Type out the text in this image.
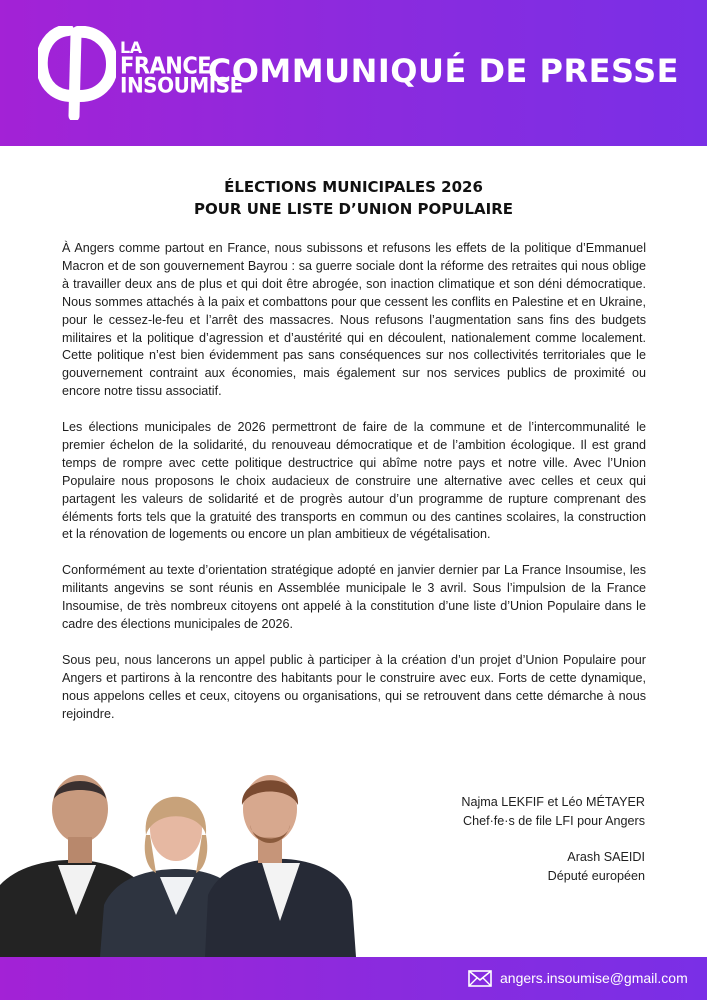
LA
FRANCE
INSOUMISE
COMMUNIQUÉ DE PRESSE
ÉLECTIONS MUNICIPALES 2026
POUR UNE LISTE D’UNION POPULAIRE

À Angers comme partout en France, nous subissons et refusons les effets de la politique d’Emmanuel Macron et de son gouvernement Bayrou : sa guerre sociale dont la réforme des retraites qui nous oblige à travailler deux ans de plus et qui doit être abrogée, son inaction climatique et son déni démocratique. Nous sommes attachés à la paix et combattons pour que cessent les conflits en Palestine et en Ukraine, pour le cessez-le-feu et l’arrêt des massacres. Nous refusons l’augmentation sans fins des budgets militaires et la politique d’agression et d’austérité qui en découlent, nationalement comme localement. Cette politique n’est bien évidemment pas sans conséquences sur nos collectivités territoriales que le gouvernement contraint aux économies, mais également sur nos services publics de proximité ou encore notre tissu associatif.

Les élections municipales de 2026 permettront de faire de la commune et de l’intercommunalité le premier échelon de la solidarité, du renouveau démocratique et de l’ambition écologique. Il est grand temps de rompre avec cette politique destructrice qui abîme notre pays et notre ville. Avec l’Union Populaire nous proposons le choix audacieux de construire une alternative avec celles et ceux qui partagent les valeurs de solidarité et de progrès autour d’un programme de rupture comprenant des éléments forts tels que la gratuité des transports en commun ou des cantines scolaires, la construction et la rénovation de logements ou encore un plan ambitieux de végétalisation.

Conformément au texte d’orientation stratégique adopté en janvier dernier par La France Insoumise, les militants angevins se sont réunis en Assemblée municipale le 3 avril. Sous l’impulsion de la France Insoumise, de très nombreux citoyens ont appelé à la constitution d’une liste d’Union Populaire dans le cadre des élections municipales de 2026.

Sous peu, nous lancerons un appel public à participer à la création d’un projet d’Union Populaire pour Angers et partirons à la rencontre des habitants pour le construire avec eux. Forts de cette dynamique, nous appelons celles et ceux, citoyens ou organisations, qui se retrouvent dans cette démarche à nous rejoindre.

Najma LEKFIF et Léo MÉTAYER
Chef·fe·s de file LFI pour Angers
Arash SAEIDI
Député européen
angers.insoumise@gmail.com
